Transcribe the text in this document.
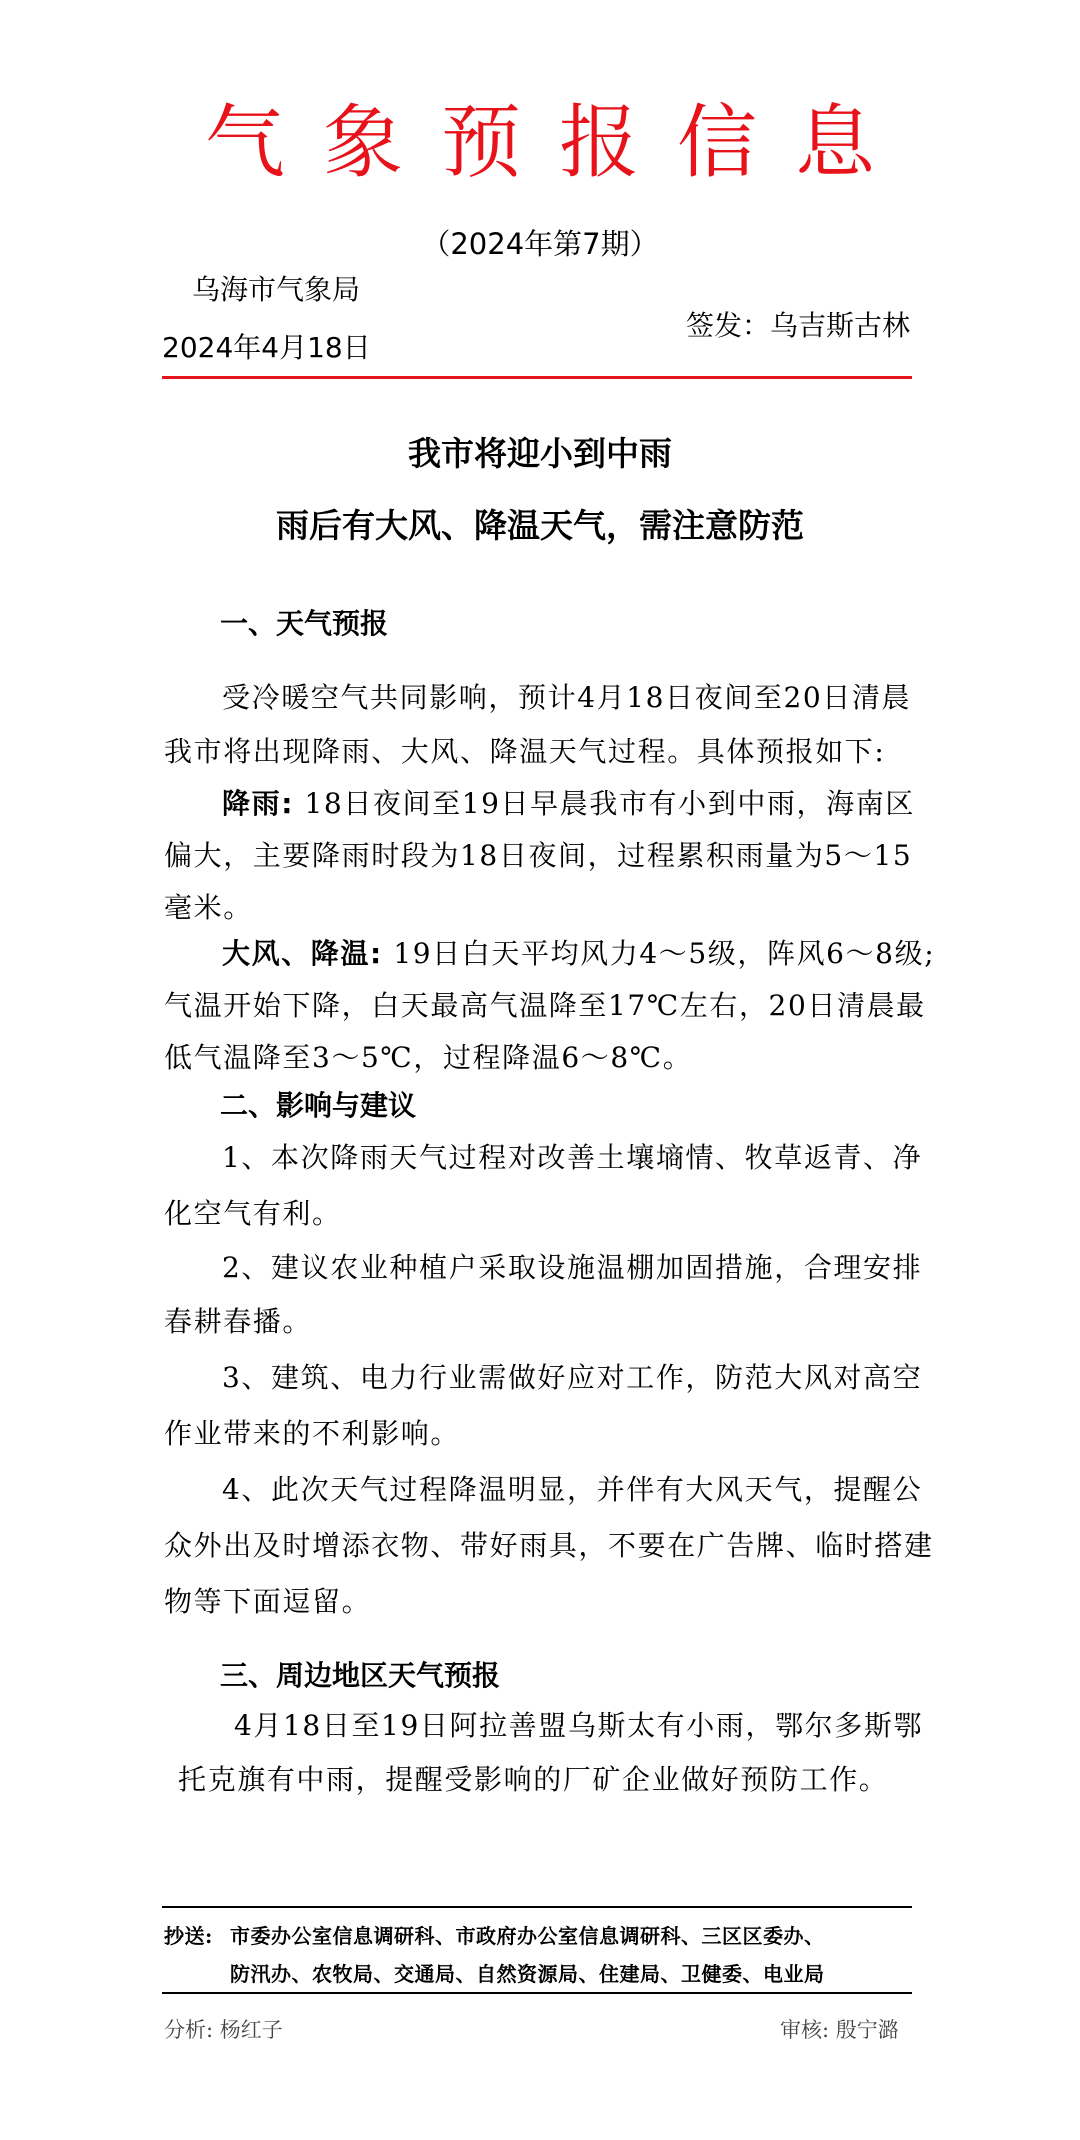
气象预报信息
（2024年第7期）
乌海市气象局
2024年4月18日
签发：乌吉斯古林
我市将迎小到中雨
雨后有大风、降温天气，需注意防范
一、天气预报
受冷暖空气共同影响，预计4月18日夜间至20日清晨
我市将出现降雨、大风、降温天气过程。具体预报如下:
降雨: 18日夜间至19日早晨我市有小到中雨，海南区
偏大，主要降雨时段为18日夜间，过程累积雨量为5～15
毫米。
大风、降温: 19日白天平均风力4～5级，阵风6～8级;
气温开始下降，白天最高气温降至17℃左右，20日清晨最
低气温降至3～5℃，过程降温6～8℃。
二、影响与建议
1、本次降雨天气过程对改善土壤墒情、牧草返青、净
化空气有利。
2、建议农业种植户采取设施温棚加固措施，合理安排
春耕春播。
3、建筑、电力行业需做好应对工作，防范大风对高空
作业带来的不利影响。
4、此次天气过程降温明显，并伴有大风天气，提醒公
众外出及时增添衣物、带好雨具，不要在广告牌、临时搭建
物等下面逗留。
三、周边地区天气预报
4月18日至19日阿拉善盟乌斯太有小雨，鄂尔多斯鄂
托克旗有中雨，提醒受影响的厂矿企业做好预防工作。
抄送: 市委办公室信息调研科、市政府办公室信息调研科、三区区委办、
防汛办、农牧局、交通局、自然资源局、住建局、卫健委、电业局
分析: 杨红子	审核: 殷宁潞
